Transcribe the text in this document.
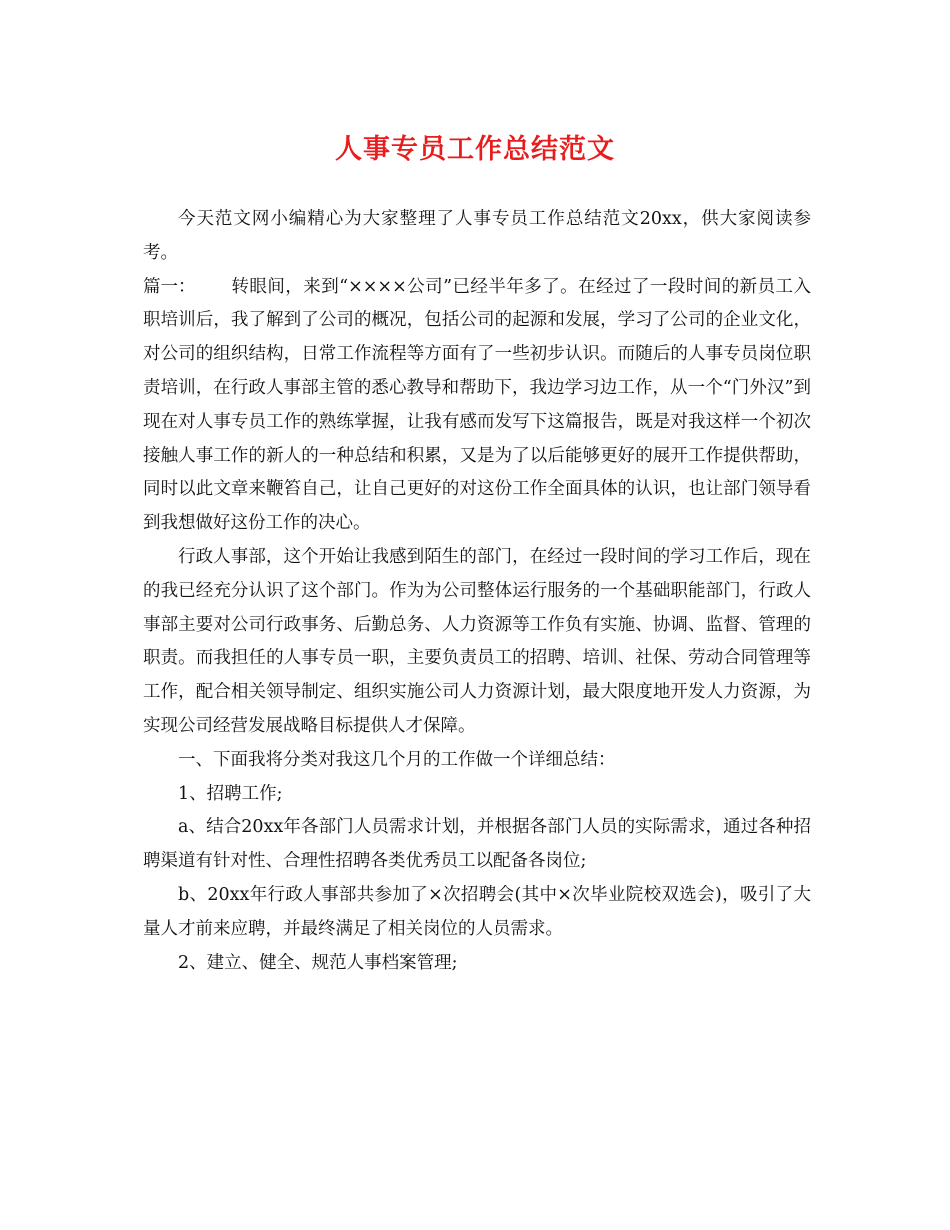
人事专员工作总结范文

今天范文网小编精心为大家整理了人事专员工作总结范文20xx，供大家阅读参考。

篇一： 转眼间，来到“××××公司”已经半年多了。在经过了一段时间的新员工入职培训后，我了解到了公司的概况，包括公司的起源和发展，学习了公司的企业文化，对公司的组织结构，日常工作流程等方面有了一些初步认识。而随后的人事专员岗位职责培训，在行政人事部主管的悉心教导和帮助下，我边学习边工作，从一个“门外汉”到现在对人事专员工作的熟练掌握，让我有感而发写下这篇报告，既是对我这样一个初次接触人事工作的新人的一种总结和积累，又是为了以后能够更好的展开工作提供帮助，同时以此文章来鞭笞自己，让自己更好的对这份工作全面具体的认识，也让部门领导看到我想做好这份工作的决心。

行政人事部，这个开始让我感到陌生的部门，在经过一段时间的学习工作后，现在的我已经充分认识了这个部门。作为为公司整体运行服务的一个基础职能部门，行政人事部主要对公司行政事务、后勤总务、人力资源等工作负有实施、协调、监督、管理的职责。而我担任的人事专员一职，主要负责员工的招聘、培训、社保、劳动合同管理等工作，配合相关领导制定、组织实施公司人力资源计划，最大限度地开发人力资源，为实现公司经营发展战略目标提供人才保障。

一、下面我将分类对我这几个月的工作做一个详细总结：

1、招聘工作;

a、结合20xx年各部门人员需求计划，并根据各部门人员的实际需求，通过各种招聘渠道有针对性、合理性招聘各类优秀员工以配备各岗位;

b、20xx年行政人事部共参加了×次招聘会(其中×次毕业院校双选会)，吸引了大量人才前来应聘，并最终满足了相关岗位的人员需求。

2、建立、健全、规范人事档案管理;
